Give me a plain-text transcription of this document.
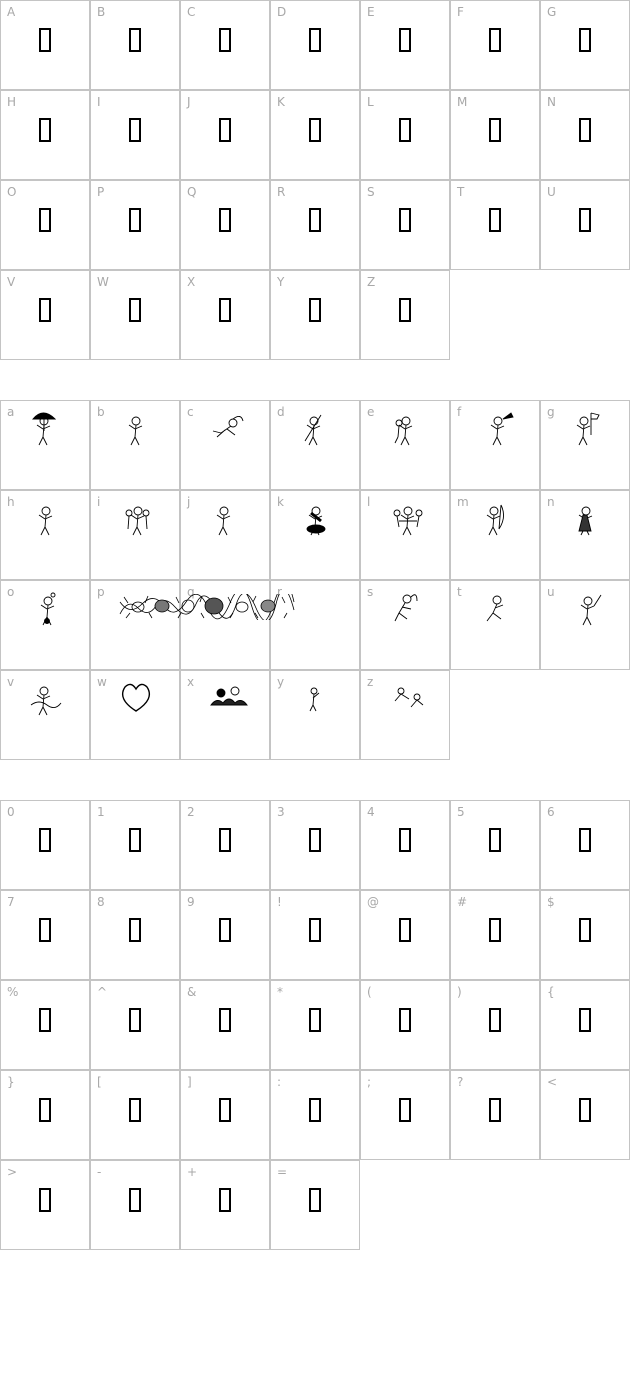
A	B	C	D	E	F	G
H	I	J	K	L	M	N
O	P	Q	R	S	T	U
V	W	X	Y	Z
a	b	c	d	e	f	g
h	i	j	k	l	m	n
o	p	q	r	s	t	u
v	w	x	y	z
0	1	2	3	4	5	6
7	8	9	!	@	#	$
%	^	&	*	(	)	{
}	[	]	:	;	?	<
>	-	+	=
